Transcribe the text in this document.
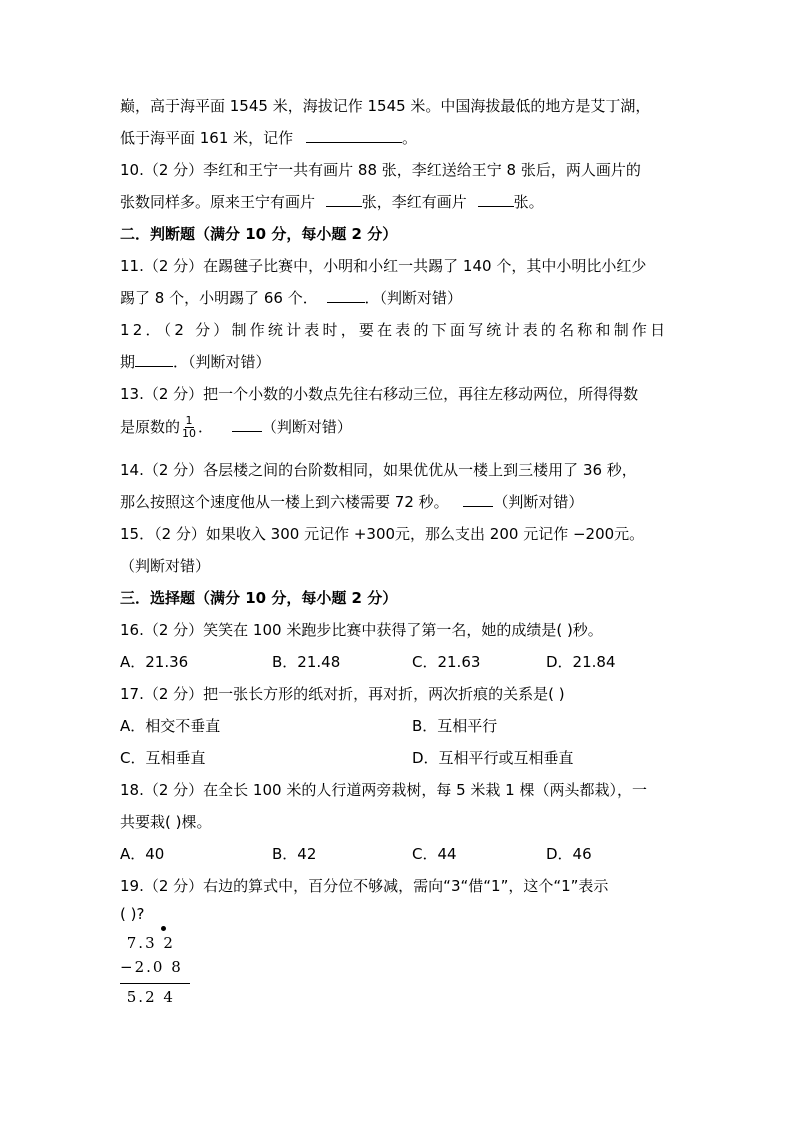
巅，高于海平面 1545 米，海拔记作 1545 米。中国海拔最低的地方是艾丁湖，
低于海平面 161 米，记作	。
10.（2 分）李红和王宁一共有画片 88 张，李红送给王宁 8 张后，两人画片的
张数同样多。原来王宁有画片	张，李红有画片	张。
二．判断题（满分 10 分，每小题 2 分）
11.（2 分）在踢毽子比赛中，小明和小红一共踢了 140 个，其中小明比小红少
踢了 8 个，小明踢了 66 个．	．（判断对错）
12．（2 分）制作统计表时，要在表的下面写统计表的名称和制作日
期	．（判断对错）
13.（2 分）把一个小数的小数点先往右移动三位，再往左移动两位，所得得数
是原数的 $\frac{1}{10}$ ．	（判断对错）
14.（2 分）各层楼之间的台阶数相同，如果优优从一楼上到三楼用了 36 秒，
那么按照这个速度他从一楼上到六楼需要 72 秒。	（判断对错）
15．（2 分）如果收入 300 元记作 +300元，那么支出 200 元记作 −200元。
（判断对错）
三．选择题（满分 10 分，每小题 2 分）
16.（2 分）笑笑在 100 米跑步比赛中获得了第一名，她的成绩是( )秒。
A．21.36	B．21.48	C．21.63	D．21.84
17.（2 分）把一张长方形的纸对折，再对折，两次折痕的关系是( )
A．相交不垂直	B．互相平行
C．互相垂直	D．互相平行或互相垂直
18.（2 分）在全长 100 米的人行道两旁栽树，每 5 米栽 1 棵（两头都栽），一
共要栽( )棵。
A．40	B．42	C．44	D．46
19.（2 分）右边的算式中，百分位不够减，需向“3“借“1”，这个“1”表示
( )?
7.3 2
−2.0 8
5.2 4
